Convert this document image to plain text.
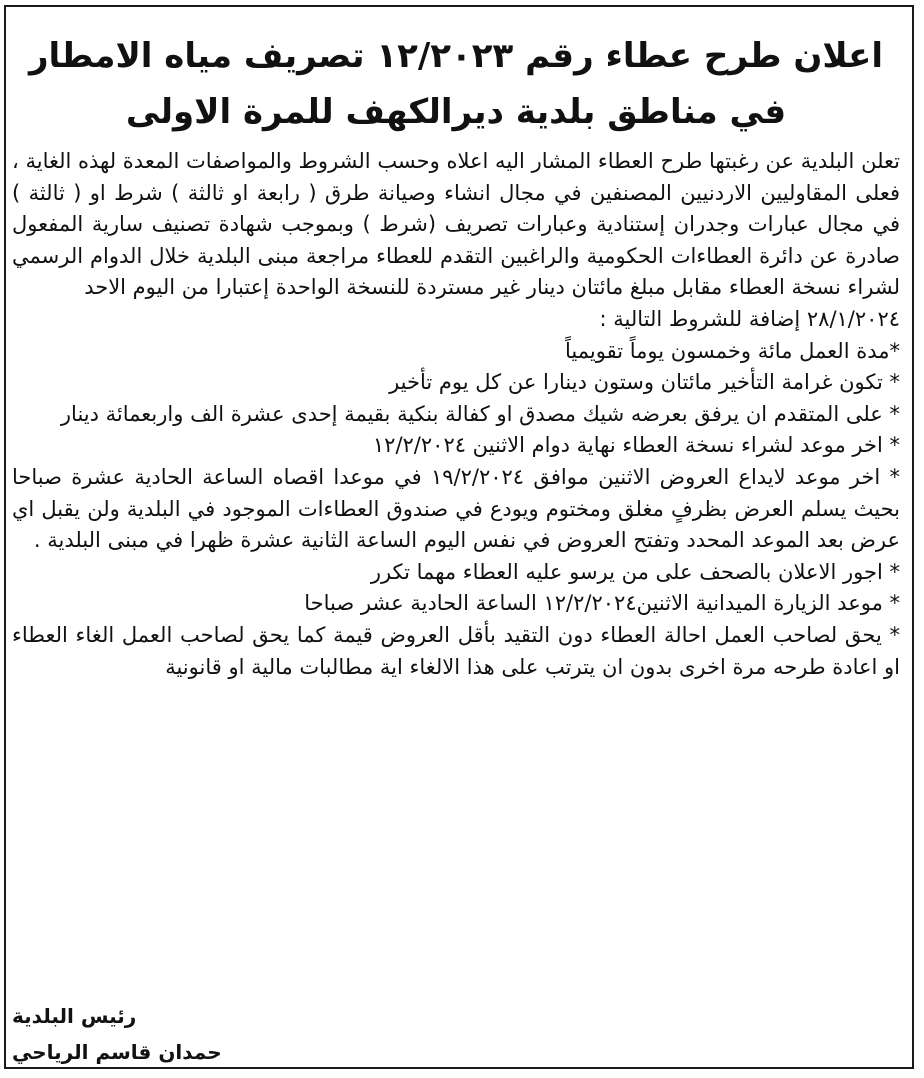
اعلان طرح عطاء رقم ١٢/٢٠٢٣ تصريف مياه الامطار
في مناطق بلدية ديرالكهف للمرة الاولى

تعلن البلدية عن رغبتها طرح العطاء المشار اليه اعلاه وحسب الشروط والمواصفات المعدة لهذه الغاية ، فعلى المقاوليين الاردنيين المصنفين في مجال انشاء وصيانة طرق ( رابعة او ثالثة ) شرط او ( ثالثة ) في مجال عبارات وجدران إستنادية وعبارات تصريف (شرط ) وبموجب شهادة تصنيف سارية المفعول صادرة عن دائرة العطاءات الحكومية والراغبين التقدم للعطاء مراجعة مبنى البلدية خلال الدوام الرسمي لشراء نسخة العطاء مقابل مبلغ مائتان دينار غير مستردة للنسخة الواحدة إعتبارا من اليوم الاحد

٢٨/١/٢٠٢٤ إضافة للشروط التالية :

*مدة العمل مائة وخمسون يوماً تقويمياً
* تكون غرامة التأخير مائتان وستون دينارا عن كل يوم تأخير
* على المتقدم ان يرفق بعرضه شيك مصدق او كفالة بنكية بقيمة إحدى عشرة الف واربعمائة دينار
* اخر موعد لشراء نسخة العطاء نهاية دوام الاثنين ١٢/٢/٢٠٢٤
* اخر موعد لايداع العروض الاثنين موافق ١٩/٢/٢٠٢٤ في موعدا اقصاه الساعة الحادية عشرة صباحا بحيث يسلم العرض بظرفٍ مغلق ومختوم ويودع في صندوق العطاءات الموجود في البلدية ولن يقبل اي عرض بعد الموعد المحدد وتفتح العروض في نفس اليوم الساعة الثانية عشرة ظهرا في مبنى البلدية .
* اجور الاعلان بالصحف على من يرسو عليه العطاء مهما تكرر
* موعد الزيارة الميدانية الاثنين١٢/٢/٢٠٢٤ الساعة الحادية عشر صباحا
* يحق لصاحب العمل احالة العطاء دون التقيد بأقل العروض قيمة كما يحق لصاحب العمل الغاء العطاء او اعادة طرحه مرة اخرى بدون ان يترتب على هذا الالغاء اية مطالبات مالية او قانونية
رئيس البلدية
حمدان قاسم الرياحي
